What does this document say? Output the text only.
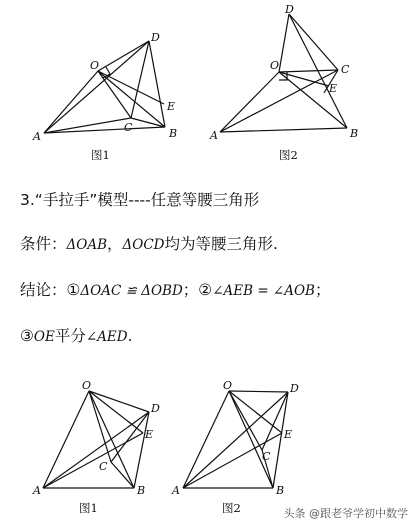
O
D
E
C
A	B
图1
D
O	C
E
A	B
图2
3.“手拉手”模型----任意等腰三角形
条件：ΔOAB，ΔOCD均为等腰三角形.
结论：①ΔOAC ≌ ΔOBD；②∠AEB = ∠AOB；
③OE平分∠AED.
O
D
E
C
A	B
图1
O	D
E
C
A	B
图2	头条 @跟老爷学初中数学
